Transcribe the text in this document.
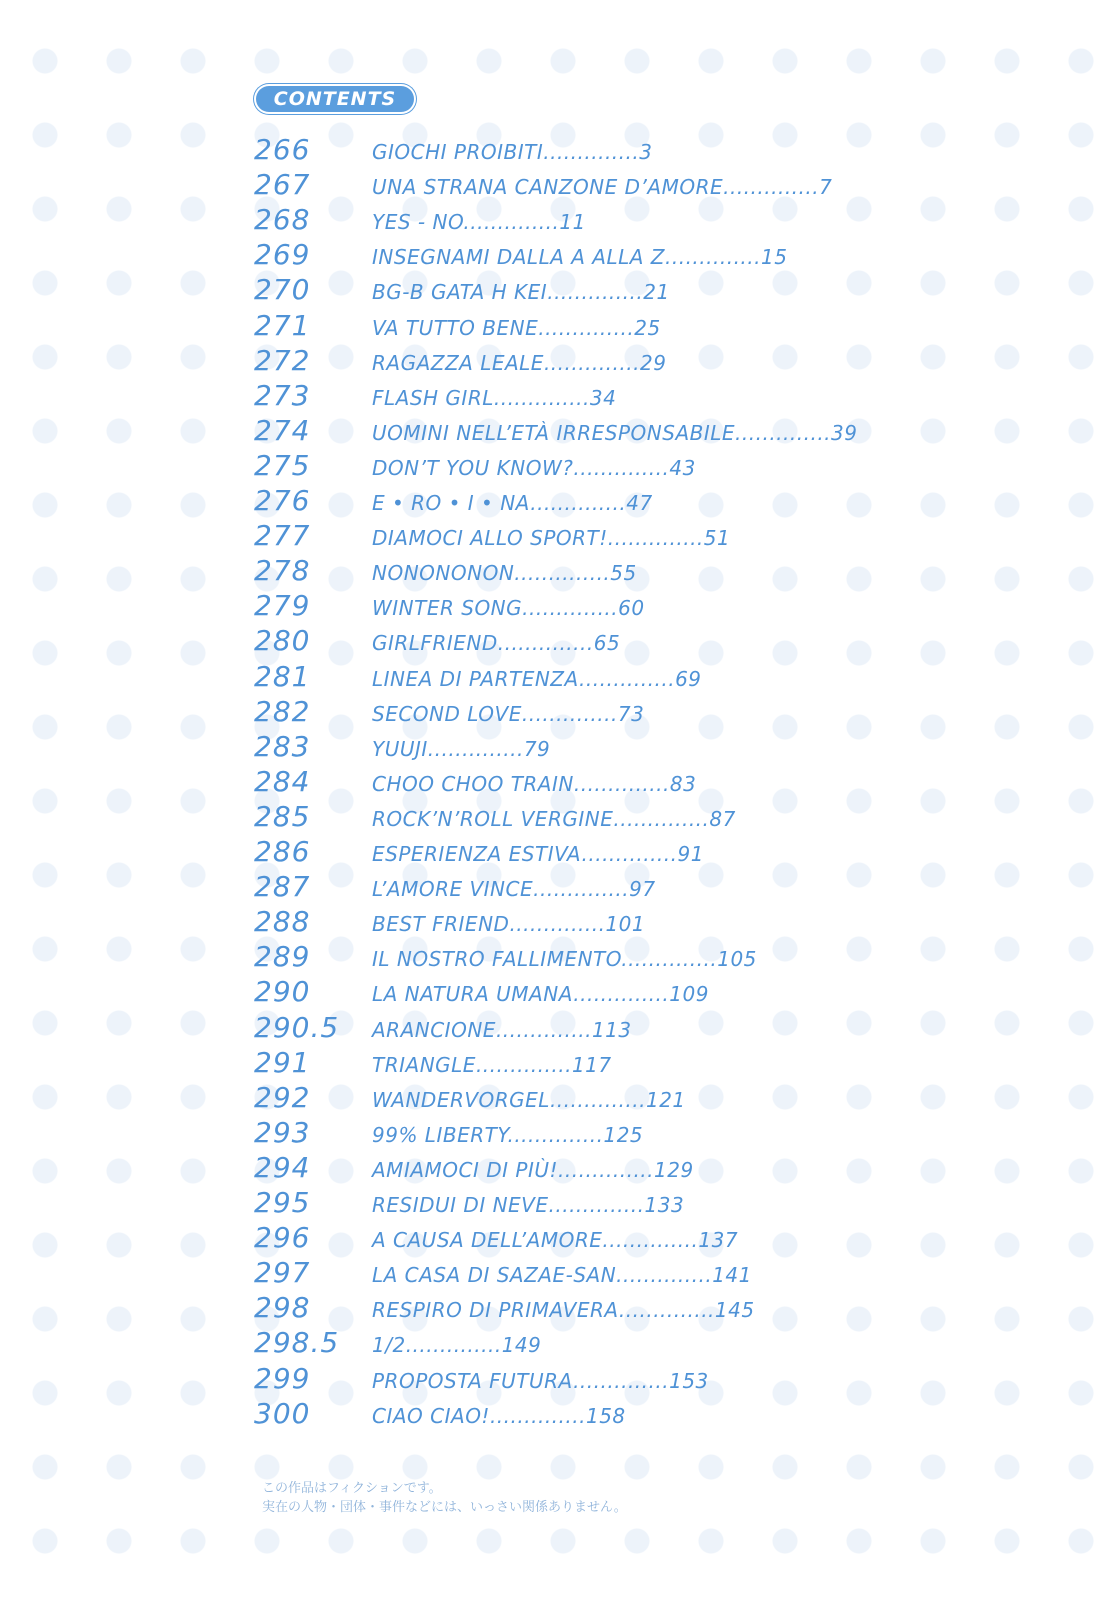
CONTENTS
266	GIOCHI PROIBITI..............3
267	UNA STRANA CANZONE D’AMORE..............7
268	YES - NO..............11
269	INSEGNAMI DALLA A ALLA Z..............15
270	BG-B GATA H KEI..............21
271	VA TUTTO BENE..............25
272	RAGAZZA LEALE..............29
273	FLASH GIRL..............34
274	UOMINI NELL’ETÀ IRRESPONSABILE..............39
275	DON’T YOU KNOW?..............43
276	E • RO • I • NA..............47
277	DIAMOCI ALLO SPORT!..............51
278	NONONONON..............55
279	WINTER SONG..............60
280	GIRLFRIEND..............65
281	LINEA DI PARTENZA..............69
282	SECOND LOVE..............73
283	YUUJI..............79
284	CHOO CHOO TRAIN..............83
285	ROCK’N’ROLL VERGINE..............87
286	ESPERIENZA ESTIVA..............91
287	L’AMORE VINCE..............97
288	BEST FRIEND..............101
289	IL NOSTRO FALLIMENTO..............105
290	LA NATURA UMANA..............109
290.5 ARANCIONE..............113
291	TRIANGLE..............117
292	WANDERVORGEL..............121
293	99% LIBERTY..............125
294	AMIAMOCI DI PIÙ!..............129
295	RESIDUI DI NEVE..............133
296	A CAUSA DELL’AMORE..............137
297	LA CASA DI SAZAE-SAN..............141
298	RESPIRO DI PRIMAVERA..............145
298.5 1/2..............149
299	PROPOSTA FUTURA..............153
300	CIAO CIAO!..............158
この作品はフィクションです。
実在の人物・団体・事件などには、いっさい関係ありません。
